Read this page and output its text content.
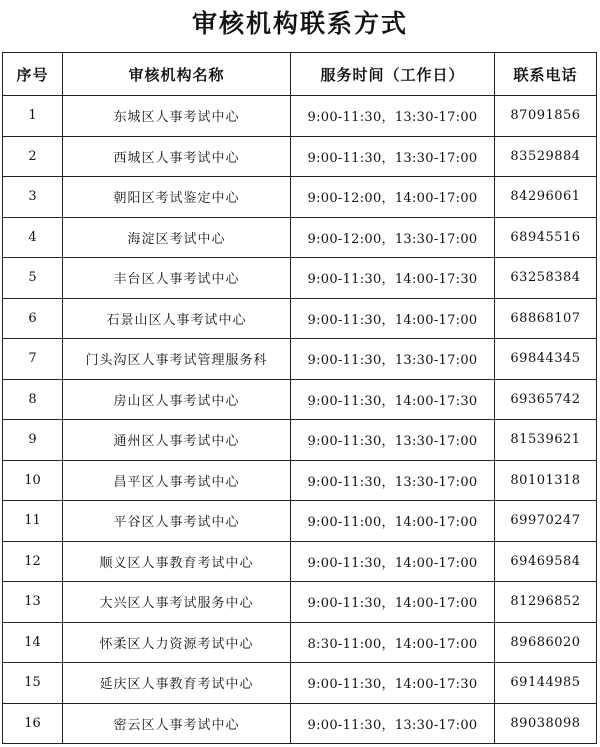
审核机构联系方式
序号	审核机构名称	服务时间（工作日）	联系电话
1	东城区人事考试中心	9:00-11:30，13:30-17:00	87091856
2	西城区人事考试中心	9:00-11:30，13:30-17:00	83529884
3	朝阳区考试鉴定中心	9:00-12:00，14:00-17:00	84296061
4	海淀区考试中心	9:00-12:00，13:30-17:00	68945516
5	丰台区人事考试中心	9:00-11:30，14:00-17:30	63258384
6	石景山区人事考试中心	9:00-11:30，14:00-17:00	68868107
7	门头沟区人事考试管理服务科	9:00-11:30，13:30-17:00	69844345
8	房山区人事考试中心	9:00-11:30，14:00-17:30	69365742
9	通州区人事考试中心	9:00-11:30，13:30-17:00	81539621
10	昌平区人事考试中心	9:00-11:30，13:30-17:00	80101318
11	平谷区人事考试中心	9:00-11:00，14:00-17:00	69970247
12	顺义区人事教育考试中心	9:00-11:30，14:00-17:00	69469584
13	大兴区人事考试服务中心	9:00-11:30，14:00-17:00	81296852
14	怀柔区人力资源考试中心	8:30-11:00，14:00-17:00	89686020
15	延庆区人事教育考试中心	9:00-11:30，14:00-17:30	69144985
16	密云区人事考试中心	9:00-11:30，13:30-17:00	89038098
